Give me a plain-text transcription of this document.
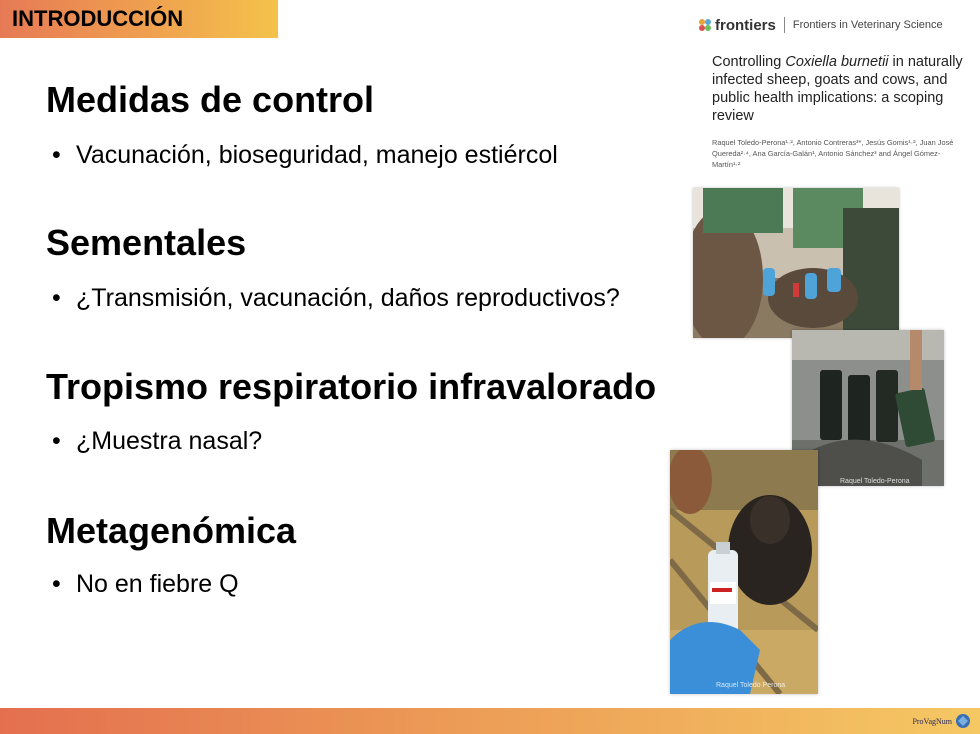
INTRODUCCIÓN
Medidas de control

• Vacunación, bioseguridad, manejo estiércol

Sementales

• ¿Transmisión, vacunación, daños reproductivos?

Tropismo respiratorio infravalorado

• ¿Muestra nasal?

Metagenómica

• No en fiebre Q

frontiers Frontiers in Veterinary Science
Controlling Coxiella burnetii in naturally infected sheep, goats and cows, and public health implications: a scoping review
Raquel Toledo-Perona¹·², Antonio Contreras³*, Jesús Gomis¹·², Juan José Quereda²·⁴, Ana García-Galán¹, Antonio Sánchez³ and Ángel Gómez-Martín¹·²
Raquel Toledo-Perona
Raquel Toledo Perona
ProVagNum
